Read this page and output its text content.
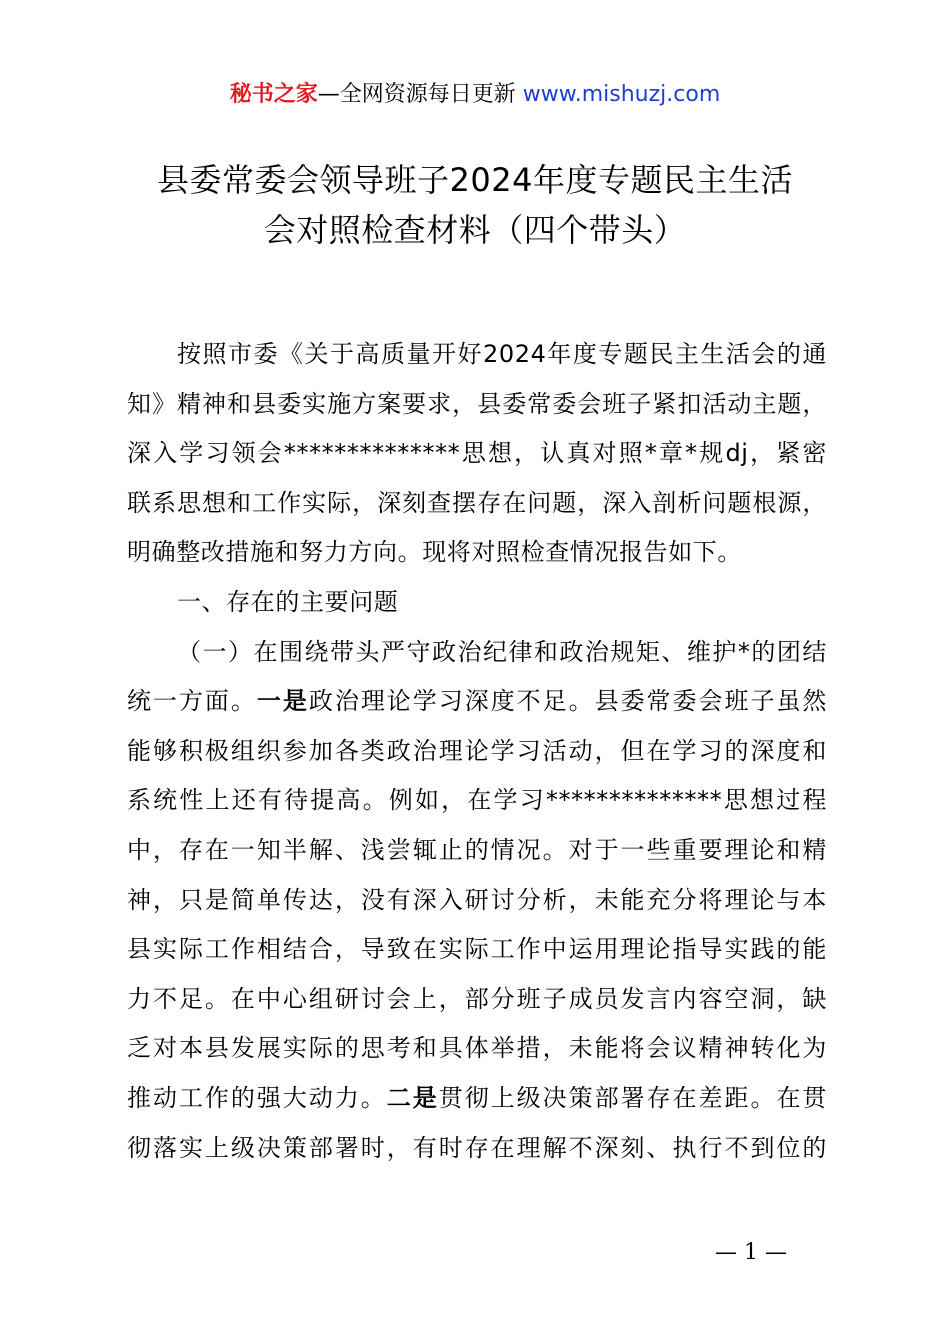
秘书之家—全网资源每日更新 www.mishuzj.com
县委常委会领导班子2024年度专题民主生活
会对照检查材料（四个带头）
按照市委《关于高质量开好2024年度专题民主生活会的通
知》精神和县委实施方案要求，县委常委会班子紧扣活动主题，
深入学习领会**************思想，认真对照*章*规dj，紧密
联系思想和工作实际，深刻查摆存在问题，深入剖析问题根源，
明确整改措施和努力方向。现将对照检查情况报告如下。
一、存在的主要问题
（一）在围绕带头严守政治纪律和政治规矩、维护*的团结
统一方面。一是政治理论学习深度不足。县委常委会班子虽然
能够积极组织参加各类政治理论学习活动，但在学习的深度和
系统性上还有待提高。例如，在学习**************思想过程
中，存在一知半解、浅尝辄止的情况。对于一些重要理论和精
神，只是简单传达，没有深入研讨分析，未能充分将理论与本
县实际工作相结合，导致在实际工作中运用理论指导实践的能
力不足。在中心组研讨会上，部分班子成员发言内容空洞，缺
乏对本县发展实际的思考和具体举措，未能将会议精神转化为
推动工作的强大动力。二是贯彻上级决策部署存在差距。在贯
彻落实上级决策部署时，有时存在理解不深刻、执行不到位的
— 1 —
